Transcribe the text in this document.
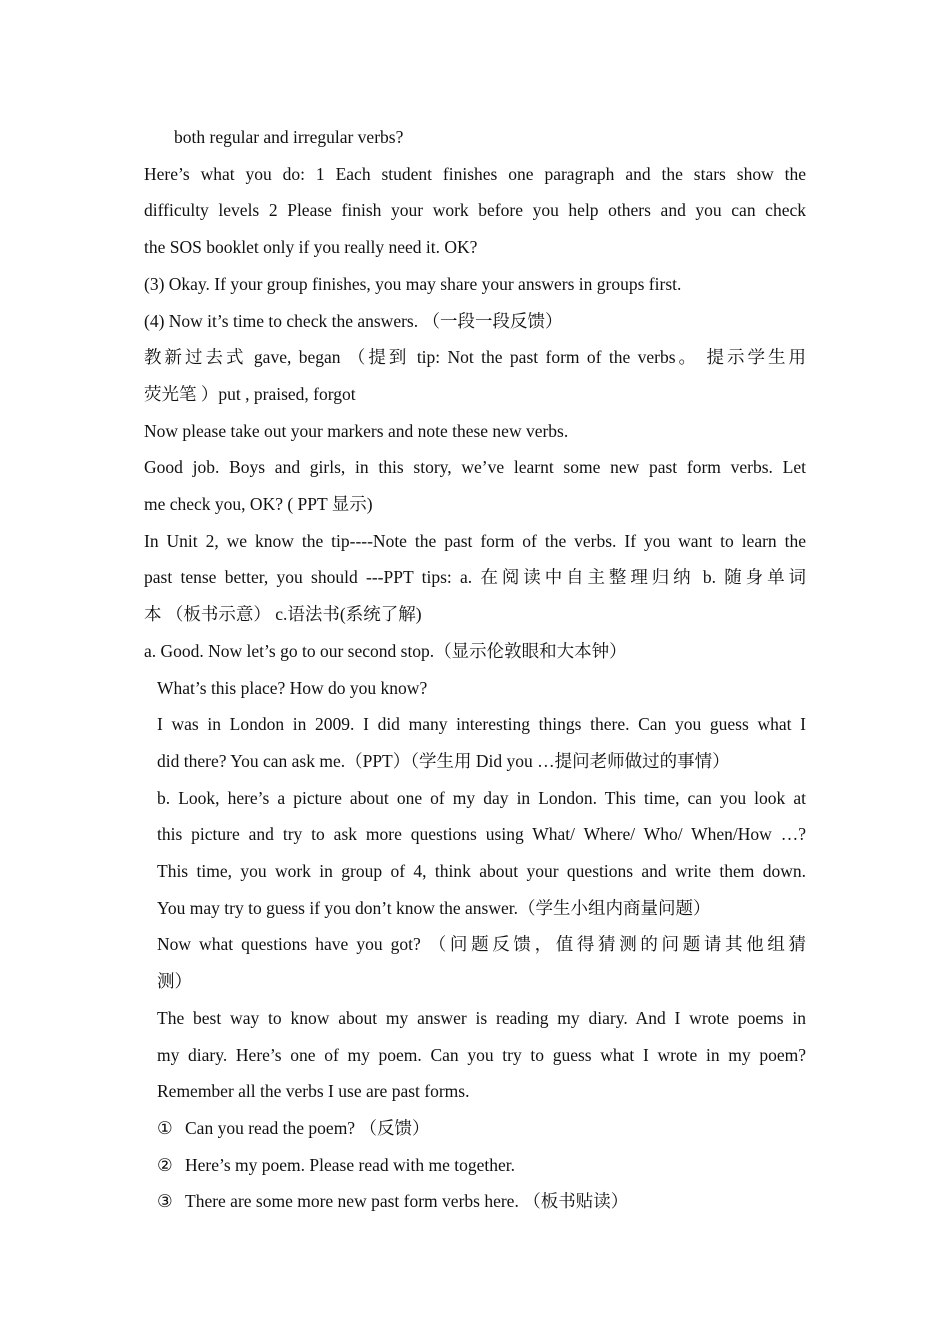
both regular and irregular verbs?
Here’s what you do: 1 Each student finishes one paragraph and the stars show the
difficulty levels 2 Please finish your work before you help others and you can check
the SOS booklet only if you really need it. OK?
(3) Okay. If your group finishes, you may share your answers in groups first.
(4) Now it’s time to check the answers. （一段一段反馈）
教新过去式 gave, began （提到 tip: Not the past form of the verbs。 提示学生用
荧光笔 ）put , praised, forgot
Now please take out your markers and note these new verbs.
Good job. Boys and girls, in this story, we’ve learnt some new past form verbs. Let
me check you, OK? ( PPT 显示)
In Unit 2, we know the tip----Note the past form of the verbs. If you want to learn the
past tense better, you should ---PPT tips: a. 在阅读中自主整理归纳 b. 随身单词
本 （板书示意） c.语法书(系统了解)
a. Good. Now let’s go to our second stop.（显示伦敦眼和大本钟）
What’s this place? How do you know?
I was in London in 2009. I did many interesting things there. Can you guess what I
did there? You can ask me.（PPT）（学生用 Did you …提问老师做过的事情）
b. Look, here’s a picture about one of my day in London. This time, can you look at
this picture and try to ask more questions using What/ Where/ Who/ When/How …?
This time, you work in group of 4, think about your questions and write them down.
You may try to guess if you don’t know the answer.（学生小组内商量问题）
Now what questions have you got? （问题反馈，值得猜测的问题请其他组猜
测）
The best way to know about my answer is reading my diary. And I wrote poems in
my diary. Here’s one of my poem. Can you try to guess what I wrote in my poem?
Remember all the verbs I use are past forms.
① Can you read the poem? （反馈）
② Here’s my poem. Please read with me together.
③ There are some more new past form verbs here. （板书贴读）
